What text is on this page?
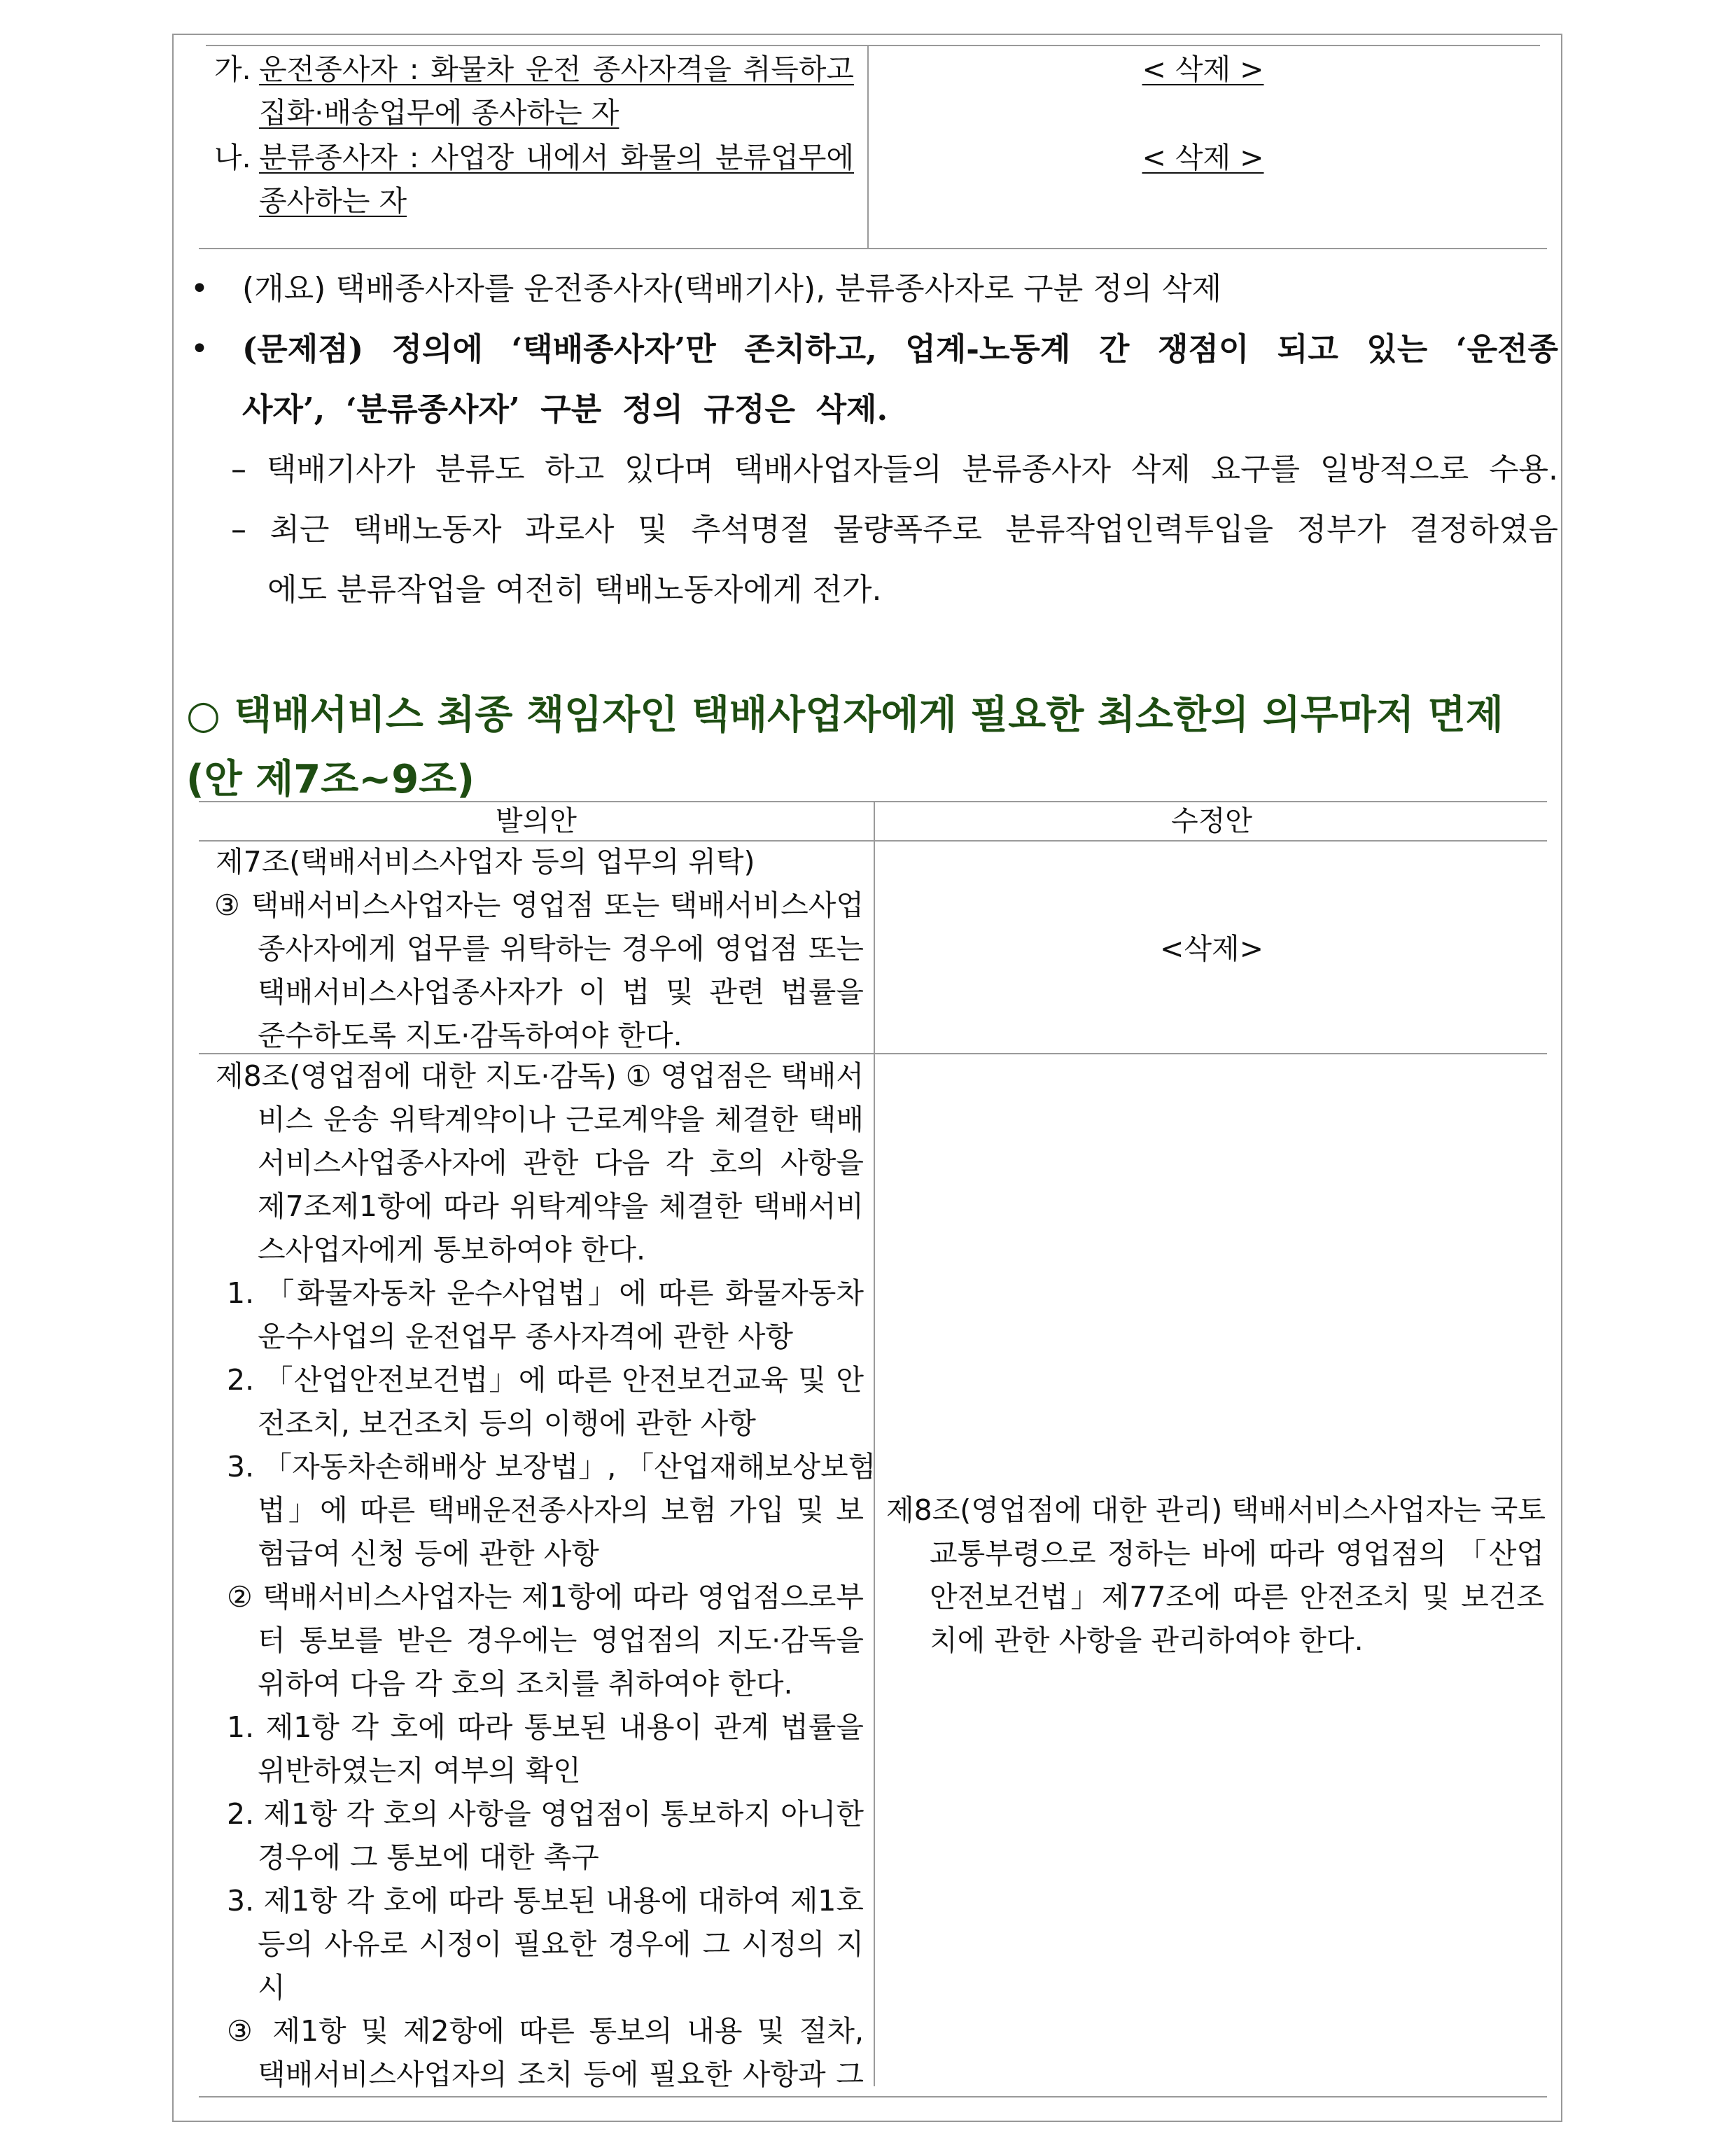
가. 운전종사자 : 화물차 운전 종사자격을 취득하고
집화·배송업무에 종사하는 자
< 삭제 >
나. 분류종사자 : 사업장 내에서 화물의 분류업무에
종사하는 자
< 삭제 >
• (개요) 택배종사자를 운전종사자(택배기사), 분류종사자로 구분 정의 삭제
• (문제점) 정의에 ‘택배종사자’만 존치하고, 업계-노동계 간 쟁점이 되고 있는 ‘운전종
사자’, ‘분류종사자’ 구분 정의 규정은 삭제.
– 택배기사가 분류도 하고 있다며 택배사업자들의 분류종사자 삭제 요구를 일방적으로 수용.
– 최근 택배노동자 과로사 및 추석명절 물량폭주로 분류작업인력투입을 정부가 결정하였음
에도 분류작업을 여전히 택배노동자에게 전가.
○ 택배서비스 최종 책임자인 택배사업자에게 필요한 최소한의 의무마저 면제
(안 제7조~9조)
발의안	수정안
제7조(택배서비스사업자 등의 업무의 위탁)
③ 택배서비스사업자는 영업점 또는 택배서비스사업
종사자에게 업무를 위탁하는 경우에 영업점 또는
택배서비스사업종사자가 이 법 및 관련 법률을
준수하도록 지도·감독하여야 한다.
<삭제>
제8조(영업점에 대한 지도·감독) ① 영업점은 택배서
비스 운송 위탁계약이나 근로계약을 체결한 택배
서비스사업종사자에 관한 다음 각 호의 사항을
제7조제1항에 따라 위탁계약을 체결한 택배서비
스사업자에게 통보하여야 한다.
1. 「화물자동차 운수사업법」에 따른 화물자동차
운수사업의 운전업무 종사자격에 관한 사항
2. 「산업안전보건법」에 따른 안전보건교육 및 안
전조치, 보건조치 등의 이행에 관한 사항
3. 「자동차손해배상 보장법」, 「산업재해보상보험
법」에 따른 택배운전종사자의 보험 가입 및 보
험급여 신청 등에 관한 사항
② 택배서비스사업자는 제1항에 따라 영업점으로부
터 통보를 받은 경우에는 영업점의 지도·감독을
위하여 다음 각 호의 조치를 취하여야 한다.
1. 제1항 각 호에 따라 통보된 내용이 관계 법률을
위반하였는지 여부의 확인
2. 제1항 각 호의 사항을 영업점이 통보하지 아니한
경우에 그 통보에 대한 촉구
3. 제1항 각 호에 따라 통보된 내용에 대하여 제1호
등의 사유로 시정이 필요한 경우에 그 시정의 지
시
③ 제1항 및 제2항에 따른 통보의 내용 및 절차,
택배서비스사업자의 조치 등에 필요한 사항과 그
제8조(영업점에 대한 관리) 택배서비스사업자는 국토
교통부령으로 정하는 바에 따라 영업점의 「산업
안전보건법」제77조에 따른 안전조치 및 보건조
치에 관한 사항을 관리하여야 한다.
